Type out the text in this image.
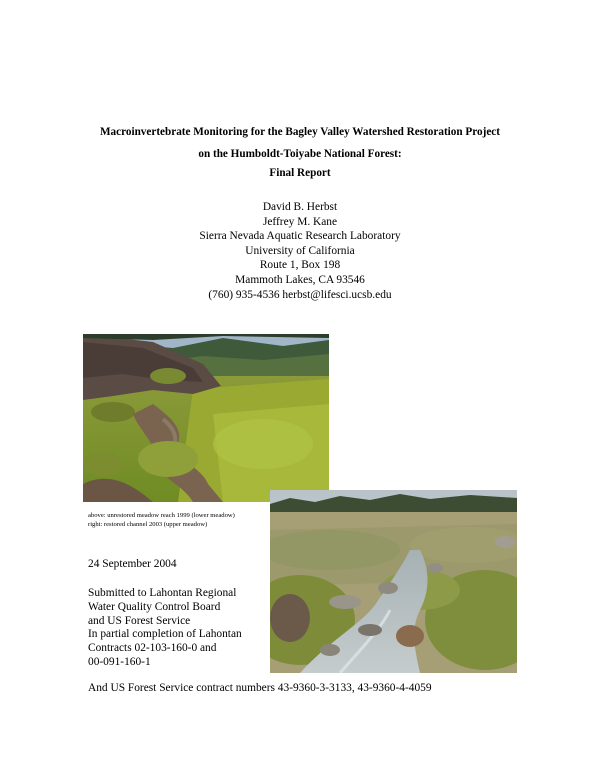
Macroinvertebrate Monitoring for the Bagley Valley Watershed Restoration Project
on the Humboldt-Toiyabe National Forest:
Final Report
David B. Herbst
Jeffrey M. Kane
Sierra Nevada Aquatic Research Laboratory
University of California
Route 1, Box 198
Mammoth Lakes, CA 93546
(760) 935-4536 herbst@lifesci.ucsb.edu
above: unrestored meadow reach 1999 (lower meadow)
right: restored channel 2003 (upper meadow)
24 September 2004
Submitted to Lahontan Regional
Water Quality Control Board
and US Forest Service
In partial completion of Lahontan
Contracts 02-103-160-0 and
00-091-160-1
And US Forest Service contract numbers 43-9360-3-3133, 43-9360-4-4059
